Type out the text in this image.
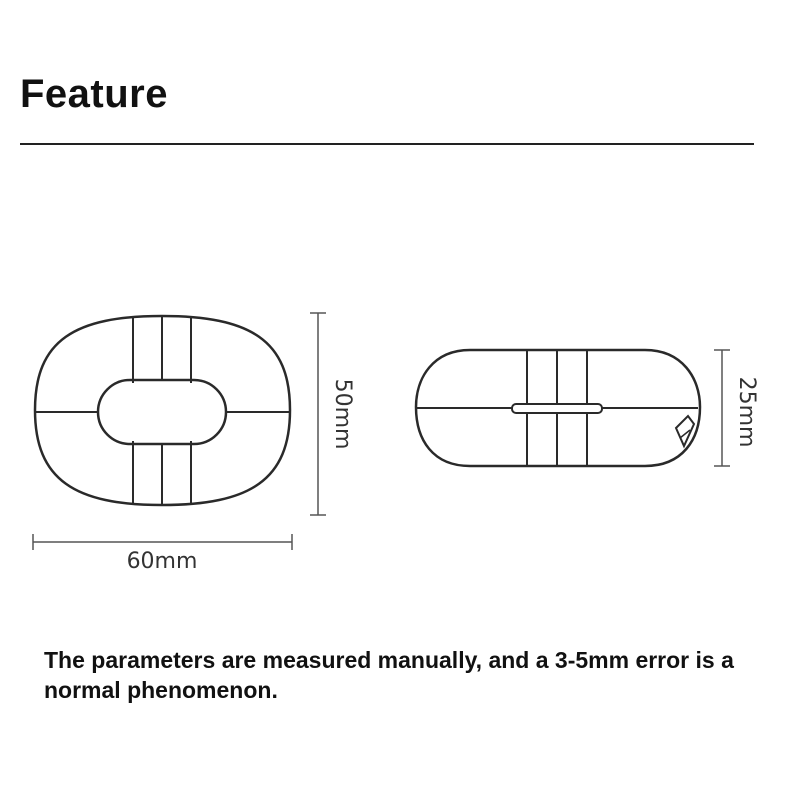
Feature
60mm
50mm	25mm
The parameters are measured manually, and a 3-5mm error is a normal phenomenon.
